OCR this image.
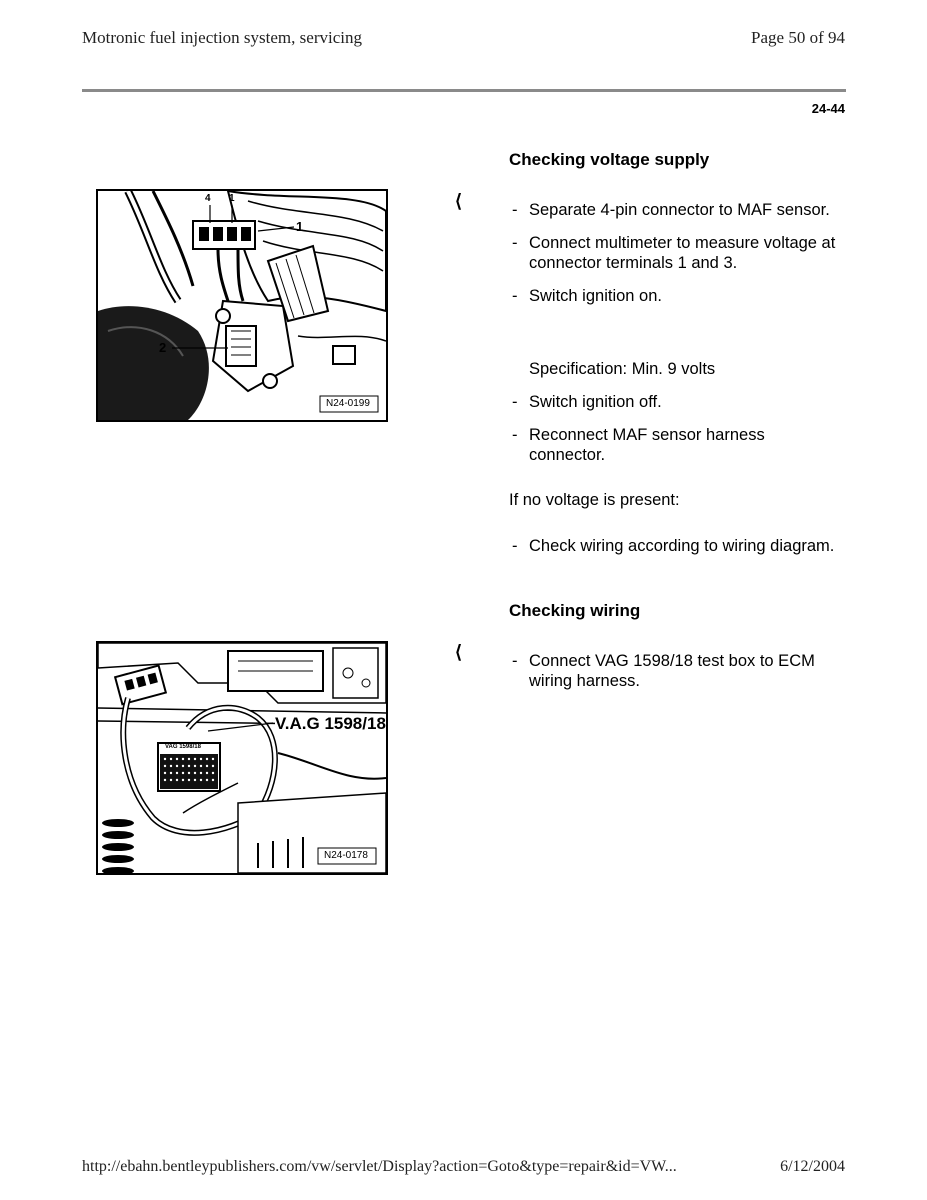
Motronic fuel injection system, servicing	Page 50 of 94
24-44
Checking voltage supply
4 1
1
2
N24-0199
⟨	- Separate 4-pin connector to MAF sensor.
- Connect multimeter to measure voltage at connector terminals 1 and 3.
- Switch ignition on.
Specification: Min. 9 volts
- Switch ignition off.
- Reconnect MAF sensor harness connector.
If no voltage is present:
- Check wiring according to wiring diagram.
Checking wiring
V.A.G 1598/18
VAG 1598/18
N24-0178
⟨	- Connect VAG 1598/18 test box to ECM wiring harness.
http://ebahn.bentleypublishers.com/vw/servlet/Display?action=Goto&type=repair&id=VW...	6/12/2004
